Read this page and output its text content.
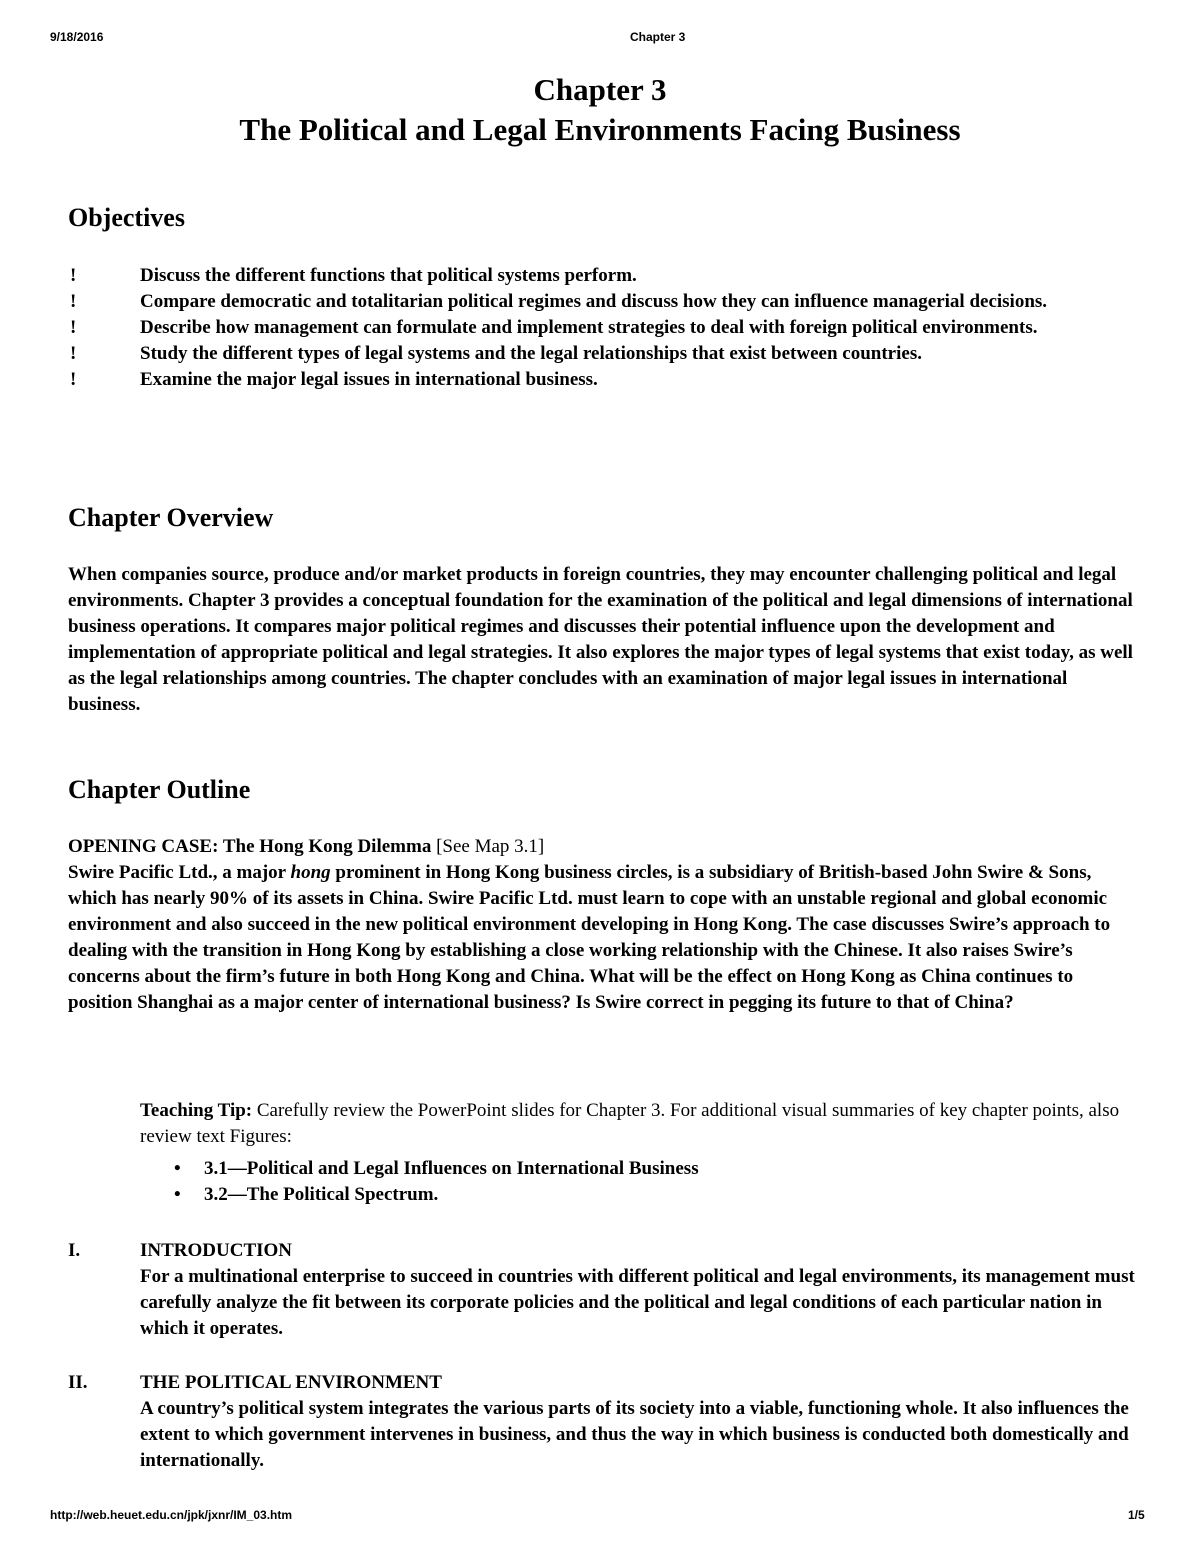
9/18/2016	Chapter 3
Chapter 3
The Political and Legal Environments Facing Business
Objectives
!	Discuss the different functions that political systems perform.
!	Compare democratic and totalitarian political regimes and discuss how they can influence managerial decisions.
!	Describe how management can formulate and implement strategies to deal with foreign political environments.
!	Study the different types of legal systems and the legal relationships that exist between countries.
!	Examine the major legal issues in international business.
Chapter Overview
When companies source, produce and/or market products in foreign countries, they may encounter challenging political and legal environments. Chapter 3 provides a conceptual foundation for the examination of the political and legal dimensions of international business operations. It compares major political regimes and discusses their potential influence upon the development and implementation of appropriate political and legal strategies. It also explores the major types of legal systems that exist today, as well as the legal relationships among countries. The chapter concludes with an examination of major legal issues in international business.
Chapter Outline
OPENING CASE: The Hong Kong Dilemma [See Map 3.1]
Swire Pacific Ltd., a major hong prominent in Hong Kong business circles, is a subsidiary of British-based John Swire & Sons, which has nearly 90% of its assets in China. Swire Pacific Ltd. must learn to cope with an unstable regional and global economic environment and also succeed in the new political environment developing in Hong Kong. The case discusses Swire’s approach to dealing with the transition in Hong Kong by establishing a close working relationship with the Chinese. It also raises Swire’s concerns about the firm’s future in both Hong Kong and China. What will be the effect on Hong Kong as China continues to position Shanghai as a major center of international business? Is Swire correct in pegging its future to that of China?
Teaching Tip: Carefully review the PowerPoint slides for Chapter 3. For additional visual summaries of key chapter points, also review text Figures:
•	3.1—Political and Legal Influences on International Business
•	3.2—The Political Spectrum.
I.	INTRODUCTION
For a multinational enterprise to succeed in countries with different political and legal environments, its management must carefully analyze the fit between its corporate policies and the political and legal conditions of each particular nation in which it operates.
II.	THE POLITICAL ENVIRONMENT
A country’s political system integrates the various parts of its society into a viable, functioning whole. It also influences the extent to which government intervenes in business, and thus the way in which business is conducted both domestically and internationally.
http://web.heuet.edu.cn/jpk/jxnr/IM_03.htm	1/5
